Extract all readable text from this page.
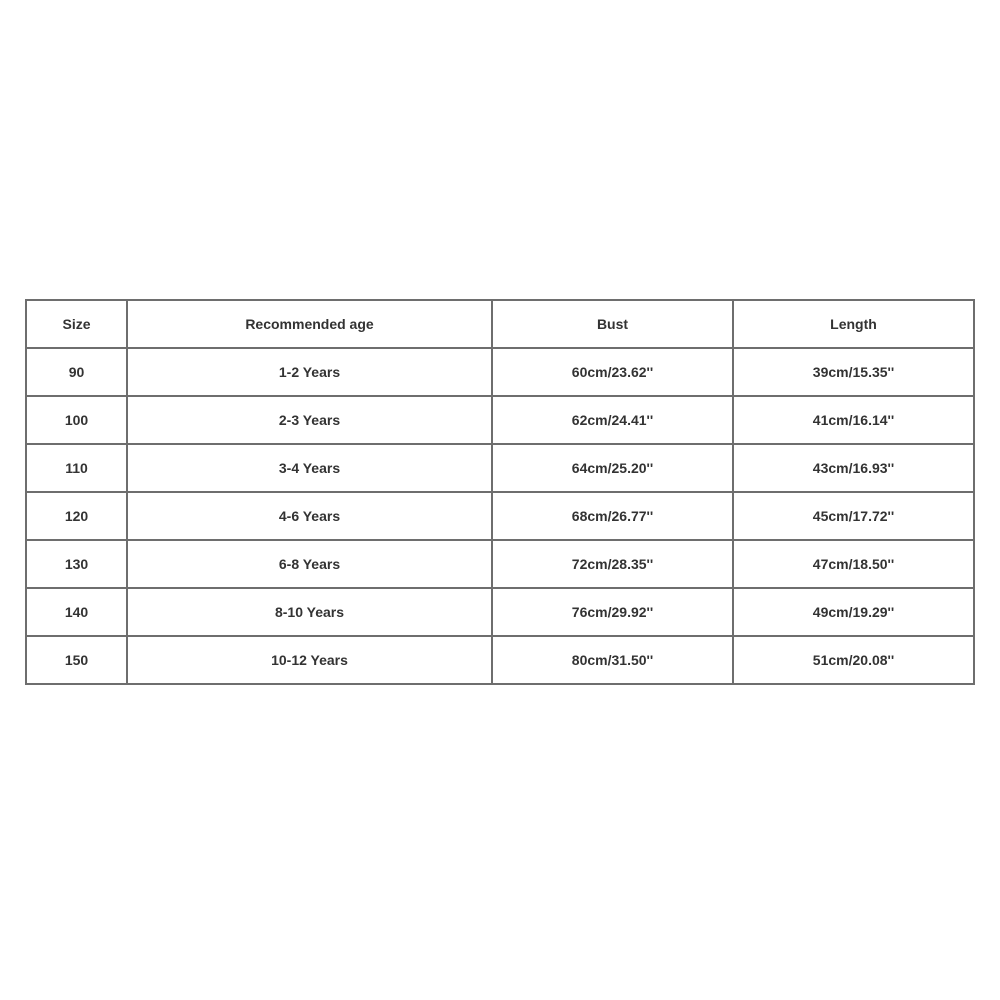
Size	Recommended age	Bust	Length
90	1-2 Years	60cm/23.62''	39cm/15.35''
100	2-3 Years	62cm/24.41''	41cm/16.14''
110	3-4 Years	64cm/25.20''	43cm/16.93''
120	4-6 Years	68cm/26.77''	45cm/17.72''
130	6-8 Years	72cm/28.35''	47cm/18.50''
140	8-10 Years	76cm/29.92''	49cm/19.29''
150	10-12 Years	80cm/31.50''	51cm/20.08''
